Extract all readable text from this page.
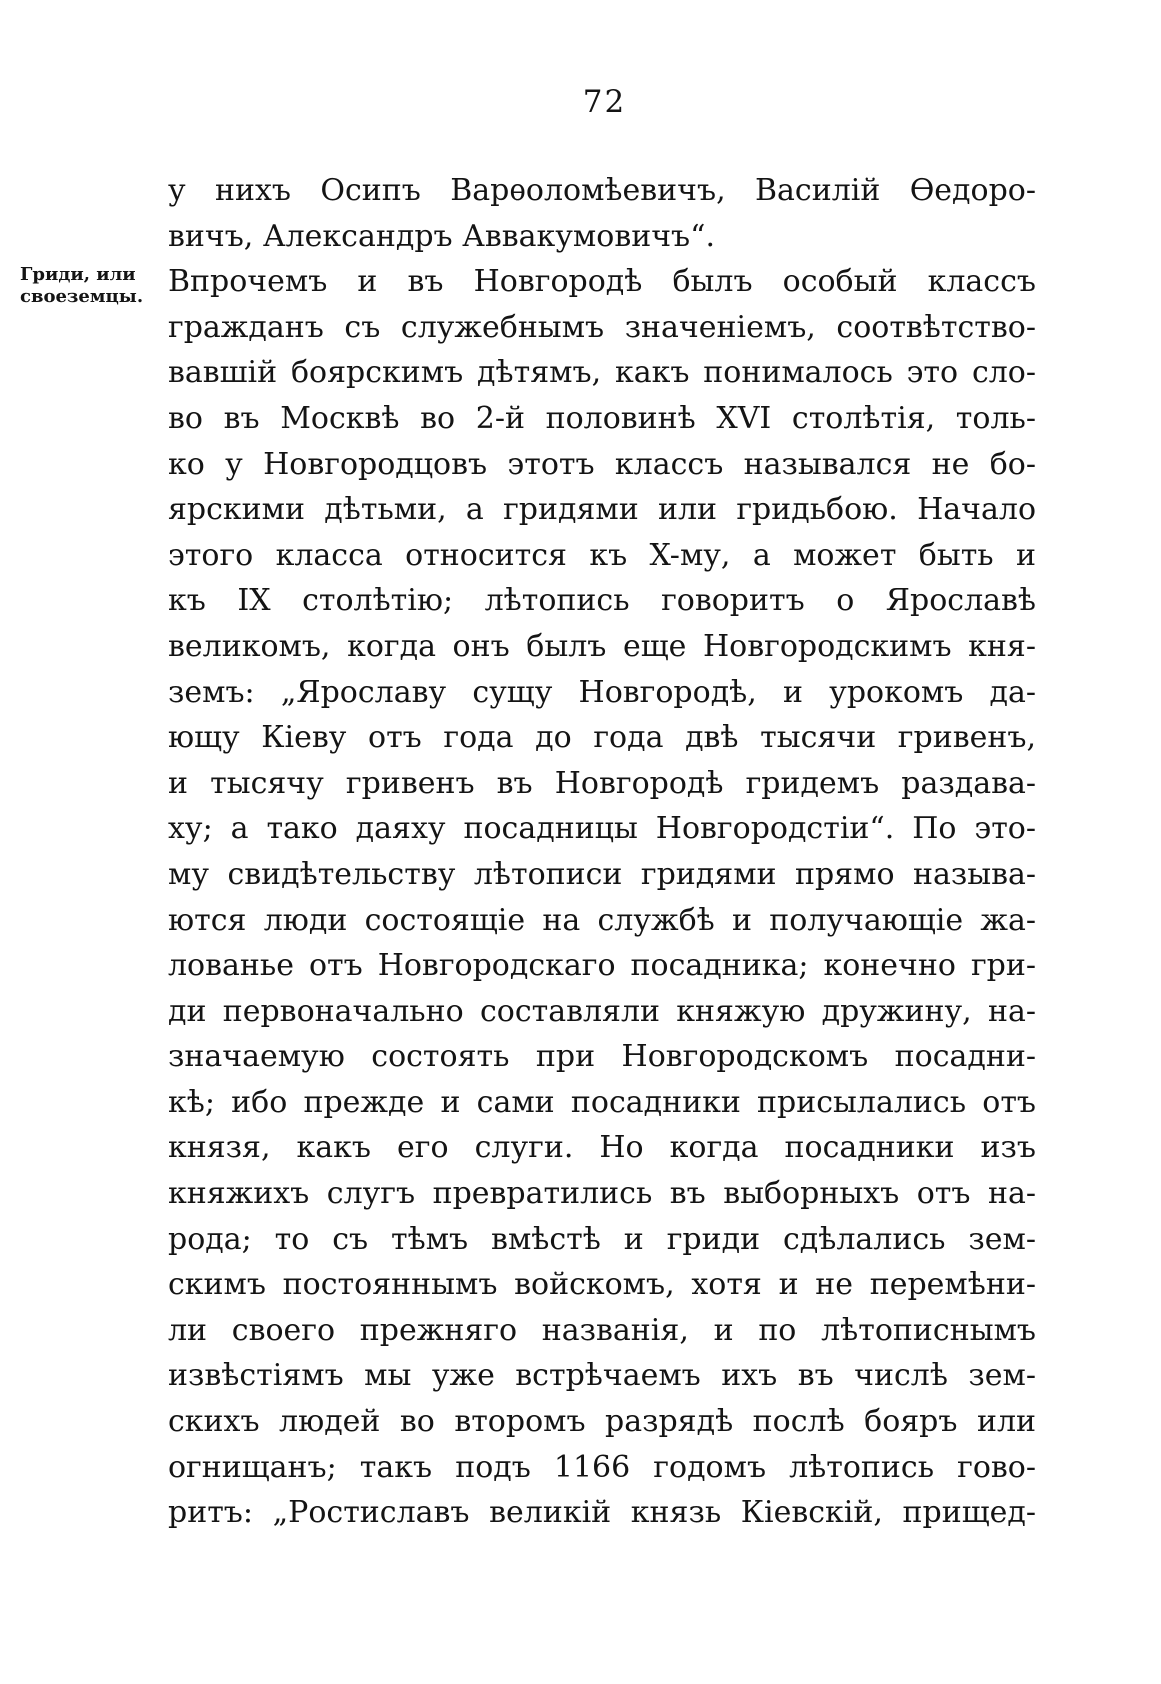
72
Гриди, или
своеземцы.
у нихъ Осипъ Варѳоломѣевичъ, Василій Ѳедоро-
вичъ, Александръ Аввакумовичъ“.
Впрочемъ и въ Новгородѣ былъ особый классъ
гражданъ съ служебнымъ значеніемъ, соотвѣтство-
вавшій боярскимъ дѣтямъ, какъ понималось это сло-
во въ Москвѣ во 2-й половинѣ XVI столѣтія, толь-
ко у Новгородцовъ этотъ классъ назывался не бо-
ярскими дѣтьми, а гридями или гридьбою. Начало
этого класса относится къ X-му, а может быть и
къ IX столѣтію; лѣтопись говоритъ о Ярославѣ
великомъ, когда онъ былъ еще Новгородскимъ кня-
земъ: „Ярославу сущу Новгородѣ, и урокомъ да-
ющу Кіеву отъ года до года двѣ тысячи гривенъ,
и тысячу гривенъ въ Новгородѣ гридемъ раздава-
ху; а тако даяху посадницы Новгородстіи“. По это-
му свидѣтельству лѣтописи гридями прямо называ-
ются люди состоящіе на службѣ и получающіе жа-
лованье отъ Новгородскаго посадника; конечно гри-
ди первоначально составляли княжую дружину, на-
значаемую состоять при Новгородскомъ посадни-
кѣ; ибо прежде и сами посадники присылались отъ
князя, какъ его слуги. Но когда посадники изъ
княжихъ слугъ превратились въ выборныхъ отъ на-
рода; то съ тѣмъ вмѣстѣ и гриди сдѣлались зем-
скимъ постояннымъ войскомъ, хотя и не перемѣни-
ли своего прежняго названія, и по лѣтописнымъ
извѣстіямъ мы уже встрѣчаемъ ихъ въ числѣ зем-
скихъ людей во второмъ разрядѣ послѣ бояръ или
огнищанъ; такъ подъ 1166 годомъ лѣтопись гово-
ритъ: „Ростиславъ великій князь Кіевскій, прищед-
